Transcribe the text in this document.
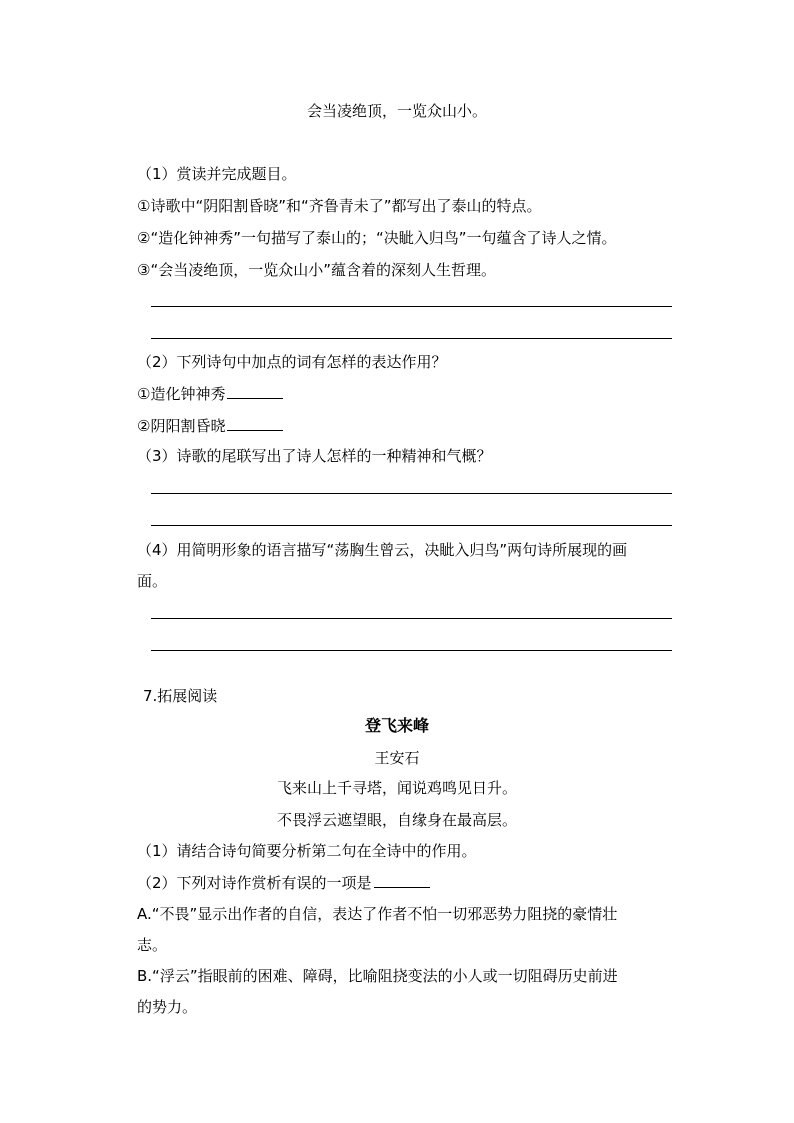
会当凌绝顶，一览众山小。
（1）赏读并完成题目。
①诗歌中“阴阳割昏晓”和“齐鲁青未了”都写出了泰山的特点。
②“造化钟神秀”一句描写了泰山的；“决眦入归鸟”一句蕴含了诗人之情。
③“会当凌绝顶，一览众山小”蕴含着的深刻人生哲理。
（2）下列诗句中加点的词有怎样的表达作用？
①造化钟神秀
②阴阳割昏晓
（3）诗歌的尾联写出了诗人怎样的一种精神和气概？
（4）用简明形象的语言描写“荡胸生曾云，决眦入归鸟”两句诗所展现的画
面。
7.拓展阅读
登飞来峰
王安石
飞来山上千寻塔，闻说鸡鸣见日升。
不畏浮云遮望眼，自缘身在最高层。
（1）请结合诗句简要分析第二句在全诗中的作用。
（2）下列对诗作赏析有误的一项是
A.“不畏”显示出作者的自信，表达了作者不怕一切邪恶势力阻挠的豪情壮
志。
B.“浮云”指眼前的困难、障碍，比喻阻挠变法的小人或一切阻碍历史前进
的势力。
